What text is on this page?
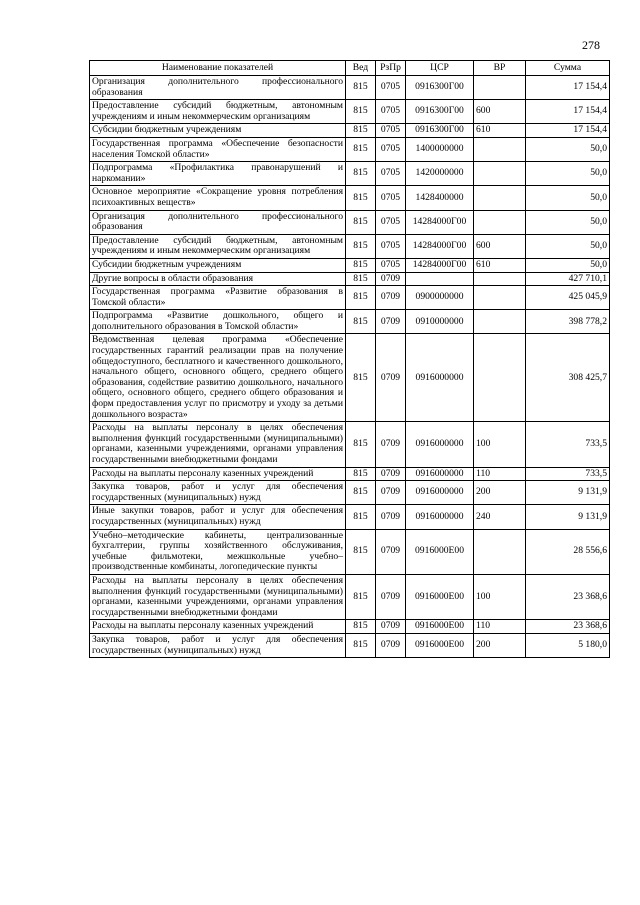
278
Наименование показателей	Вед	РзПр	ЦСР	ВР	Сумма
Организация дополнительного профессионального образования	815	0705	0916300Г00		17 154,4
Предоставление субсидий бюджетным, автономным учреждениям и иным некоммерческим организациям	815	0705	0916300Г00	600	17 154,4
Субсидии бюджетным учреждениям	815	0705	0916300Г00	610	17 154,4
Государственная программа «Обеспечение безопасности населения Томской области»	815	0705	1400000000		50,0
Подпрограмма «Профилактика правонарушений и наркомании»	815	0705	1420000000		50,0
Основное мероприятие «Сокращение уровня потребления психоактивных веществ»	815	0705	1428400000		50,0
Организация дополнительного профессионального образования	815	0705	14284000Г00		50,0
Предоставление субсидий бюджетным, автономным учреждениям и иным некоммерческим организациям	815	0705	14284000Г00	600	50,0
Субсидии бюджетным учреждениям	815	0705	14284000Г00	610	50,0
Другие вопросы в области образования	815	0709			427 710,1
Государственная программа «Развитие образования в Томской области»	815	0709	0900000000		425 045,9
Подпрограмма «Развитие дошкольного, общего и дополнительного образования в Томской области»	815	0709	0910000000		398 778,2
Ведомственная целевая программа «Обеспечение государственных гарантий реализации прав на получение общедоступного, бесплатного и качественного дошкольного, начального общего, основного общего, среднего общего образования, содействие развитию дошкольного, начального общего, основного общего, среднего общего образования и форм предоставления услуг по присмотру и уходу за детьми дошкольного возраста»	815	0709	0916000000		308 425,7
Расходы на выплаты персоналу в целях обеспечения выполнения функций государственными (муниципальными) органами, казенными учреждениями, органами управления государственными внебюджетными фондами	815	0709	0916000000	100	733,5
Расходы на выплаты персоналу казенных учреждений	815	0709	0916000000	110	733,5
Закупка товаров, работ и услуг для обеспечения государственных (муниципальных) нужд	815	0709	0916000000	200	9 131,9
Иные закупки товаров, работ и услуг для обеспечения государственных (муниципальных) нужд	815	0709	0916000000	240	9 131,9
Учебно–методические кабинеты, централизованные бухгалтерии, группы хозяйственного обслуживания, учебные фильмотеки, межшкольные учебно–производственные комбинаты, логопедические пункты	815	0709	0916000Е00		28 556,6
Расходы на выплаты персоналу в целях обеспечения выполнения функций государственными (муниципальными) органами, казенными учреждениями, органами управления государственными внебюджетными фондами	815	0709	0916000Е00	100	23 368,6
Расходы на выплаты персоналу казенных учреждений	815	0709	0916000Е00	110	23 368,6
Закупка товаров, работ и услуг для обеспечения государственных (муниципальных) нужд	815	0709	0916000Е00	200	5 180,0
